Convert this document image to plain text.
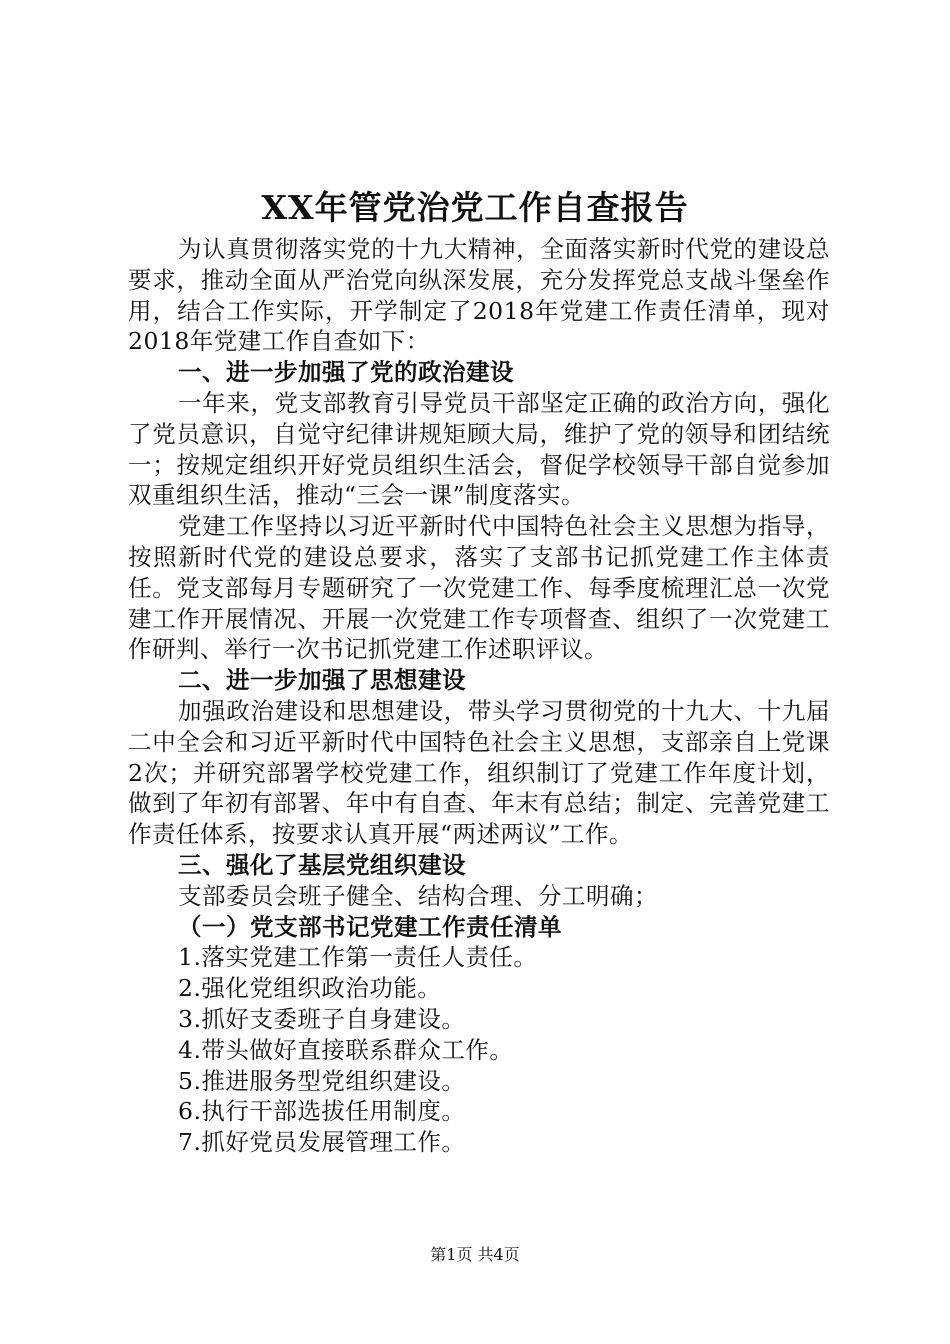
XX年管党治党工作自查报告

为认真贯彻落实党的十九大精神，全面落实新时代党的建设总要求，推动全面从严治党向纵深发展，充分发挥党总支战斗堡垒作用，结合工作实际，开学制定了2018年党建工作责任清单，现对2018年党建工作自查如下：

一、进一步加强了党的政治建设

一年来，党支部教育引导党员干部坚定正确的政治方向，强化了党员意识，自觉守纪律讲规矩顾大局，维护了党的领导和团结统一；按规定组织开好党员组织生活会，督促学校领导干部自觉参加双重组织生活，推动“三会一课”制度落实。

党建工作坚持以习近平新时代中国特色社会主义思想为指导，按照新时代党的建设总要求，落实了支部书记抓党建工作主体责任。党支部每月专题研究了一次党建工作、每季度梳理汇总一次党建工作开展情况、开展一次党建工作专项督查、组织了一次党建工作研判、举行一次书记抓党建工作述职评议。

二、进一步加强了思想建设

加强政治建设和思想建设，带头学习贯彻党的十九大、十九届二中全会和习近平新时代中国特色社会主义思想，支部亲自上党课2次；并研究部署学校党建工作，组织制订了党建工作年度计划，做到了年初有部署、年中有自查、年末有总结；制定、完善党建工作责任体系，按要求认真开展“两述两议”工作。

三、强化了基层党组织建设

支部委员会班子健全、结构合理、分工明确；

（一）党支部书记党建工作责任清单

1.落实党建工作第一责任人责任。

2.强化党组织政治功能。

3.抓好支委班子自身建设。

4.带头做好直接联系群众工作。

5.推进服务型党组织建设。

6.执行干部选拔任用制度。

7.抓好党员发展管理工作。

第1页 共4页
